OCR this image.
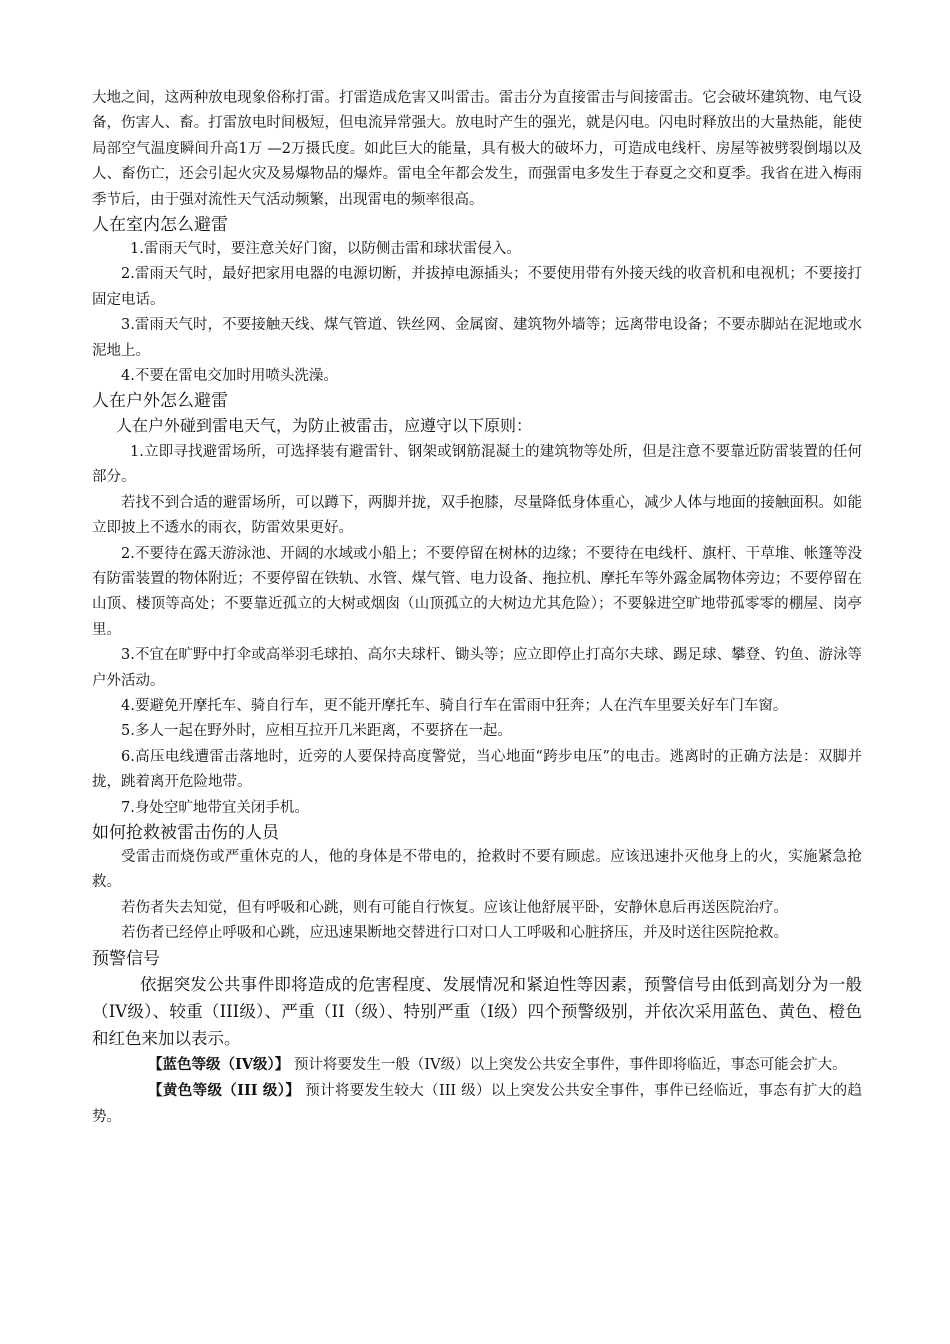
大地之间，这两种放电现象俗称打雷。打雷造成危害又叫雷击。雷击分为直接雷击与间接雷击。它会破坏建筑物、电气设备，伤害人、畜。打雷放电时间极短，但电流异常强大。放电时产生的强光，就是闪电。闪电时释放出的大量热能，能使局部空气温度瞬间升高1万 —2万摄氏度。如此巨大的能量，具有极大的破坏力，可造成电线杆、房屋等被劈裂倒塌以及人、畜伤亡，还会引起火灾及易爆物品的爆炸。雷电全年都会发生，而强雷电多发生于春夏之交和夏季。我省在进入梅雨季节后，由于强对流性天气活动频繁，出现雷电的频率很高。

人在室内怎么避雷

1.雷雨天气时，要注意关好门窗，以防侧击雷和球状雷侵入。

2.雷雨天气时，最好把家用电器的电源切断，并拔掉电源插头；不要使用带有外接天线的收音机和电视机；不要接打固定电话。

3.雷雨天气时，不要接触天线、煤气管道、铁丝网、金属窗、建筑物外墙等；远离带电设备；不要赤脚站在泥地或水泥地上。

4.不要在雷电交加时用喷头洗澡。

人在户外怎么避雷

人在户外碰到雷电天气，为防止被雷击，应遵守以下原则：

1.立即寻找避雷场所，可选择装有避雷针、钢架或钢筋混凝土的建筑物等处所，但是注意不要靠近防雷装置的任何部分。

若找不到合适的避雷场所，可以蹲下，两脚并拢，双手抱膝，尽量降低身体重心，减少人体与地面的接触面积。如能立即披上不透水的雨衣，防雷效果更好。

2.不要待在露天游泳池、开阔的水域或小船上；不要停留在树林的边缘；不要待在电线杆、旗杆、干草堆、帐篷等没有防雷装置的物体附近；不要停留在铁轨、水管、煤气管、电力设备、拖拉机、摩托车等外露金属物体旁边；不要停留在山顶、楼顶等高处；不要靠近孤立的大树或烟囱（山顶孤立的大树边尤其危险）；不要躲进空旷地带孤零零的棚屋、岗亭里。

3.不宜在旷野中打伞或高举羽毛球拍、高尔夫球杆、锄头等；应立即停止打高尔夫球、踢足球、攀登、钓鱼、游泳等户外活动。

4.要避免开摩托车、骑自行车，更不能开摩托车、骑自行车在雷雨中狂奔；人在汽车里要关好车门车窗。

5.多人一起在野外时，应相互拉开几米距离，不要挤在一起。

6.高压电线遭雷击落地时，近旁的人要保持高度警觉，当心地面“跨步电压”的电击。逃离时的正确方法是：双脚并拢，跳着离开危险地带。

7.身处空旷地带宜关闭手机。

如何抢救被雷击伤的人员

受雷击而烧伤或严重休克的人，他的身体是不带电的，抢救时不要有顾虑。应该迅速扑灭他身上的火，实施紧急抢救。

若伤者失去知觉，但有呼吸和心跳，则有可能自行恢复。应该让他舒展平卧，安静休息后再送医院治疗。

若伤者已经停止呼吸和心跳，应迅速果断地交替进行口对口人工呼吸和心脏挤压，并及时送往医院抢救。

预警信号

依据突发公共事件即将造成的危害程度、发展情况和紧迫性等因素，预警信号由低到高划分为一般（IV级）、较重（III级）、严重（II（级）、特别严重（I级）四个预警级别，并依次采用蓝色、黄色、橙色和红色来加以表示。

【蓝色等级（IV级）】 预计将要发生一般（IV级）以上突发公共安全事件，事件即将临近，事态可能会扩大。

【黄色等级（III 级）】 预计将要发生较大（III 级）以上突发公共安全事件，事件已经临近，事态有扩大的趋势。
